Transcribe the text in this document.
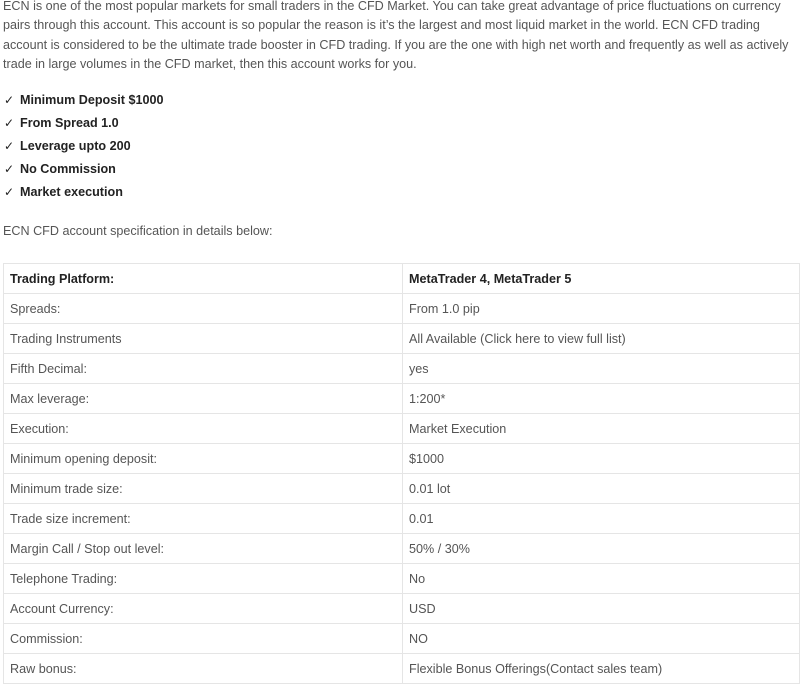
ECN is one of the most popular markets for small traders in the CFD Market. You can take great advantage of price fluctuations on currency pairs through this account. This account is so popular the reason is it’s the largest and most liquid market in the world. ECN CFD trading account is considered to be the ultimate trade booster in CFD trading. If you are the one with high net worth and frequently as well as actively trade in large volumes in the CFD market, then this account works for you.

✓ Minimum Deposit $1000
✓ From Spread 1.0
✓ Leverage upto 200
✓ No Commission
✓ Market execution

ECN CFD account specification in details below:

Trading Platform:	MetaTrader 4, MetaTrader 5
Spreads:	From 1.0 pip
Trading Instruments	All Available (Click here to view full list)
Fifth Decimal:	yes
Max leverage:	1:200*
Execution:	Market Execution
Minimum opening deposit:	$1000
Minimum trade size:	0.01 lot
Trade size increment:	0.01
Margin Call / Stop out level:	50% / 30%
Telephone Trading:	No
Account Currency:	USD
Commission:	NO
Raw bonus:	Flexible Bonus Offerings(Contact sales team)
